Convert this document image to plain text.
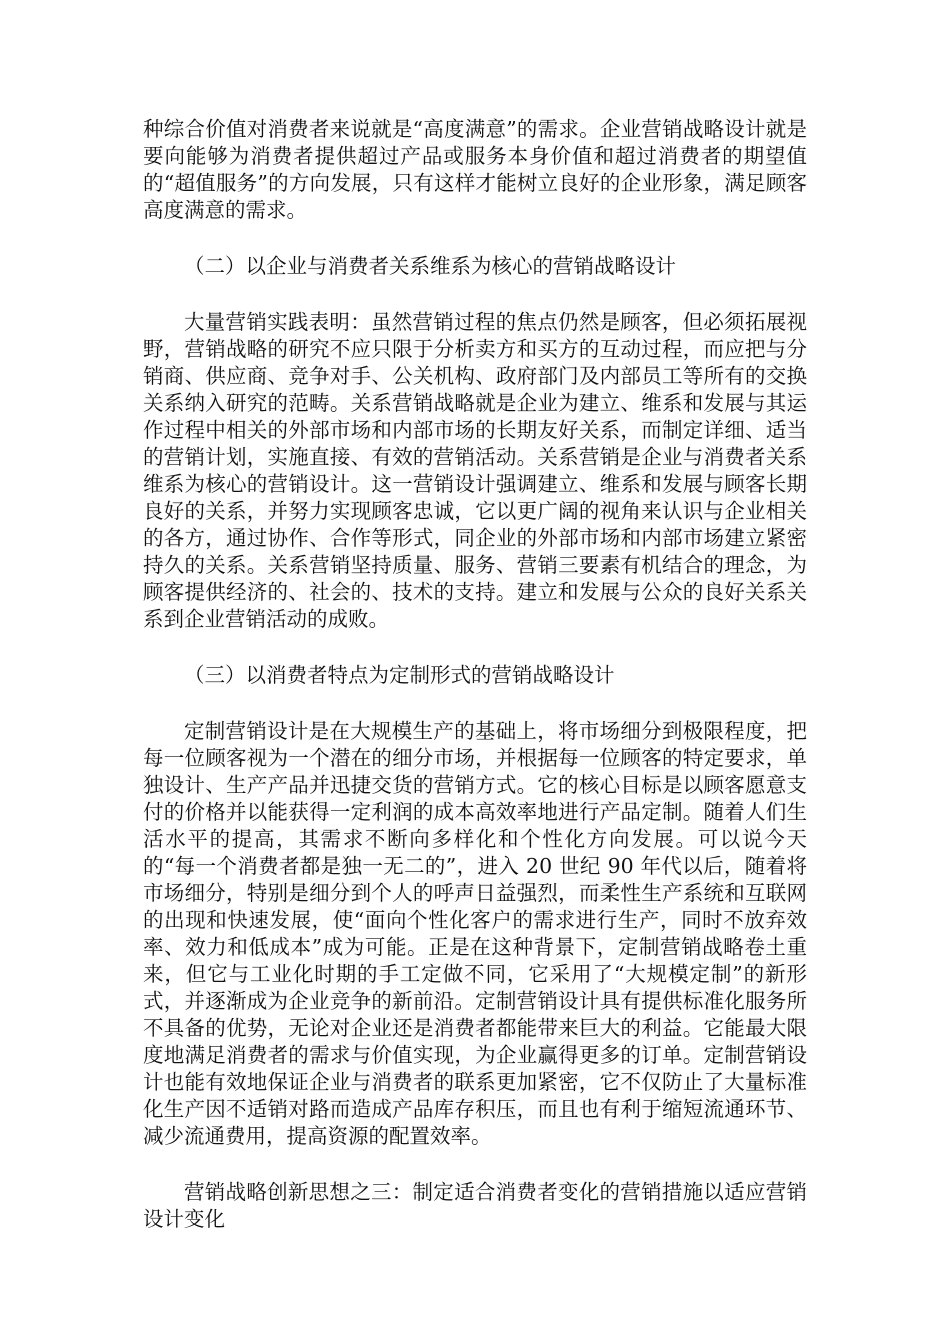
种综合价值对消费者来说就是“高度满意”的需求。企业营销战略设计就是要向能够为消费者提供超过产品或服务本身价值和超过消费者的期望值的“超值服务”的方向发展，只有这样才能树立良好的企业形象，满足顾客高度满意的需求。

（二）以企业与消费者关系维系为核心的营销战略设计

大量营销实践表明：虽然营销过程的焦点仍然是顾客，但必须拓展视野，营销战略的研究不应只限于分析卖方和买方的互动过程，而应把与分销商、供应商、竞争对手、公关机构、政府部门及内部员工等所有的交换关系纳入研究的范畴。关系营销战略就是企业为建立、维系和发展与其运作过程中相关的外部市场和内部市场的长期友好关系，而制定详细、适当的营销计划，实施直接、有效的营销活动。关系营销是企业与消费者关系维系为核心的营销设计。这一营销设计强调建立、维系和发展与顾客长期良好的关系，并努力实现顾客忠诚，它以更广阔的视角来认识与企业相关的各方，通过协作、合作等形式，同企业的外部市场和内部市场建立紧密持久的关系。关系营销坚持质量、服务、营销三要素有机结合的理念，为顾客提供经济的、社会的、技术的支持。建立和发展与公众的良好关系关系到企业营销活动的成败。

（三）以消费者特点为定制形式的营销战略设计

定制营销设计是在大规模生产的基础上，将市场细分到极限程度，把每一位顾客视为一个潜在的细分市场，并根据每一位顾客的特定要求，单独设计、生产产品并迅捷交货的营销方式。它的核心目标是以顾客愿意支付的价格并以能获得一定利润的成本高效率地进行产品定制。随着人们生活水平的提高，其需求不断向多样化和个性化方向发展。可以说今天的“每一个消费者都是独一无二的”，进入 20 世纪 90 年代以后，随着将市场细分，特别是细分到个人的呼声日益强烈，而柔性生产系统和互联网的出现和快速发展，使“面向个性化客户的需求进行生产，同时不放弃效率、效力和低成本”成为可能。正是在这种背景下，定制营销战略卷土重来，但它与工业化时期的手工定做不同，它采用了“大规模定制”的新形式，并逐渐成为企业竞争的新前沿。定制营销设计具有提供标准化服务所不具备的优势，无论对企业还是消费者都能带来巨大的利益。它能最大限度地满足消费者的需求与价值实现，为企业赢得更多的订单。定制营销设计也能有效地保证企业与消费者的联系更加紧密，它不仅防止了大量标准化生产因不适销对路而造成产品库存积压，而且也有利于缩短流通环节、减少流通费用，提高资源的配置效率。

营销战略创新思想之三：制定适合消费者变化的营销措施以适应营销设计变化
